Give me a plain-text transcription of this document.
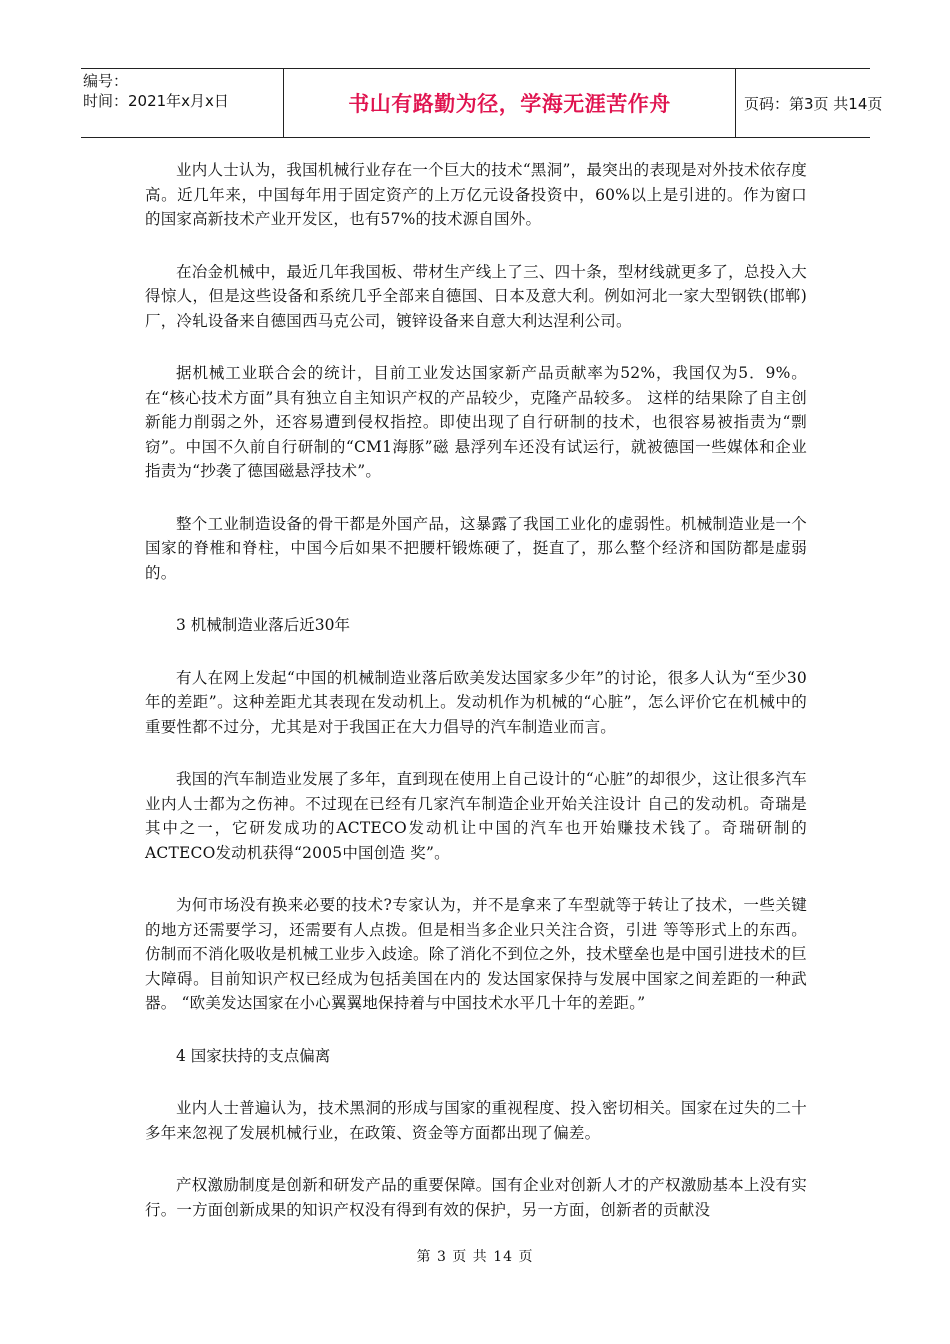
编号：
时间：2021年x月x日	书山有路勤为径，学海无涯苦作舟	页码：第3页 共14页

业内人士认为，我国机械行业存在一个巨大的技术“黑洞”，最突出的表现是对外技术依存度高。近几年来，中国每年用于固定资产的上万亿元设备投资中，60%以上是引进的。作为窗口的国家高新技术产业开发区，也有57%的技术源自国外。

在冶金机械中，最近几年我国板、带材生产线上了三、四十条，型材线就更多了，总投入大得惊人，但是这些设备和系统几乎全部来自德国、日本及意大利。例如河北一家大型钢铁(邯郸)厂，冷轧设备来自德国西马克公司，镀锌设备来自意大利达涅利公司。

据机械工业联合会的统计，目前工业发达国家新产品贡献率为52%，我国仅为5．9%。在“核心技术方面”具有独立自主知识产权的产品较少，克隆产品较多。 这样的结果除了自主创新能力削弱之外，还容易遭到侵权指控。即使出现了自行研制的技术，也很容易被指责为“剽窃”。中国不久前自行研制的“CM1海豚”磁 悬浮列车还没有试运行，就被德国一些媒体和企业指责为“抄袭了德国磁悬浮技术”。

整个工业制造设备的骨干都是外国产品，这暴露了我国工业化的虚弱性。机械制造业是一个国家的脊椎和脊柱，中国今后如果不把腰杆锻炼硬了，挺直了，那么整个经济和国防都是虚弱的。

3 机械制造业落后近30年

有人在网上发起“中国的机械制造业落后欧美发达国家多少年”的讨论，很多人认为“至少30年的差距”。这种差距尤其表现在发动机上。发动机作为机械的“心脏”，怎么评价它在机械中的重要性都不过分，尤其是对于我国正在大力倡导的汽车制造业而言。

我国的汽车制造业发展了多年，直到现在使用上自己设计的“心脏”的却很少，这让很多汽车业内人士都为之伤神。不过现在已经有几家汽车制造企业开始关注设计 自己的发动机。奇瑞是其中之一，它研发成功的ACTECO发动机让中国的汽车也开始赚技术钱了。奇瑞研制的ACTECO发动机获得“2005中国创造 奖”。

为何市场没有换来必要的技术?专家认为，并不是拿来了车型就等于转让了技术，一些关键的地方还需要学习，还需要有人点拨。但是相当多企业只关注合资，引进 等等形式上的东西。仿制而不消化吸收是机械工业步入歧途。除了消化不到位之外，技术壁垒也是中国引进技术的巨大障碍。目前知识产权已经成为包括美国在内的 发达国家保持与发展中国家之间差距的一种武器。 “欧美发达国家在小心翼翼地保持着与中国技术水平几十年的差距。”

4 国家扶持的支点偏离

业内人士普遍认为，技术黑洞的形成与国家的重视程度、投入密切相关。国家在过失的二十多年来忽视了发展机械行业，在政策、资金等方面都出现了偏差。

产权激励制度是创新和研发产品的重要保障。国有企业对创新人才的产权激励基本上没有实行。一方面创新成果的知识产权没有得到有效的保护，另一方面，创新者的贡献没

第 3 页 共 14 页
